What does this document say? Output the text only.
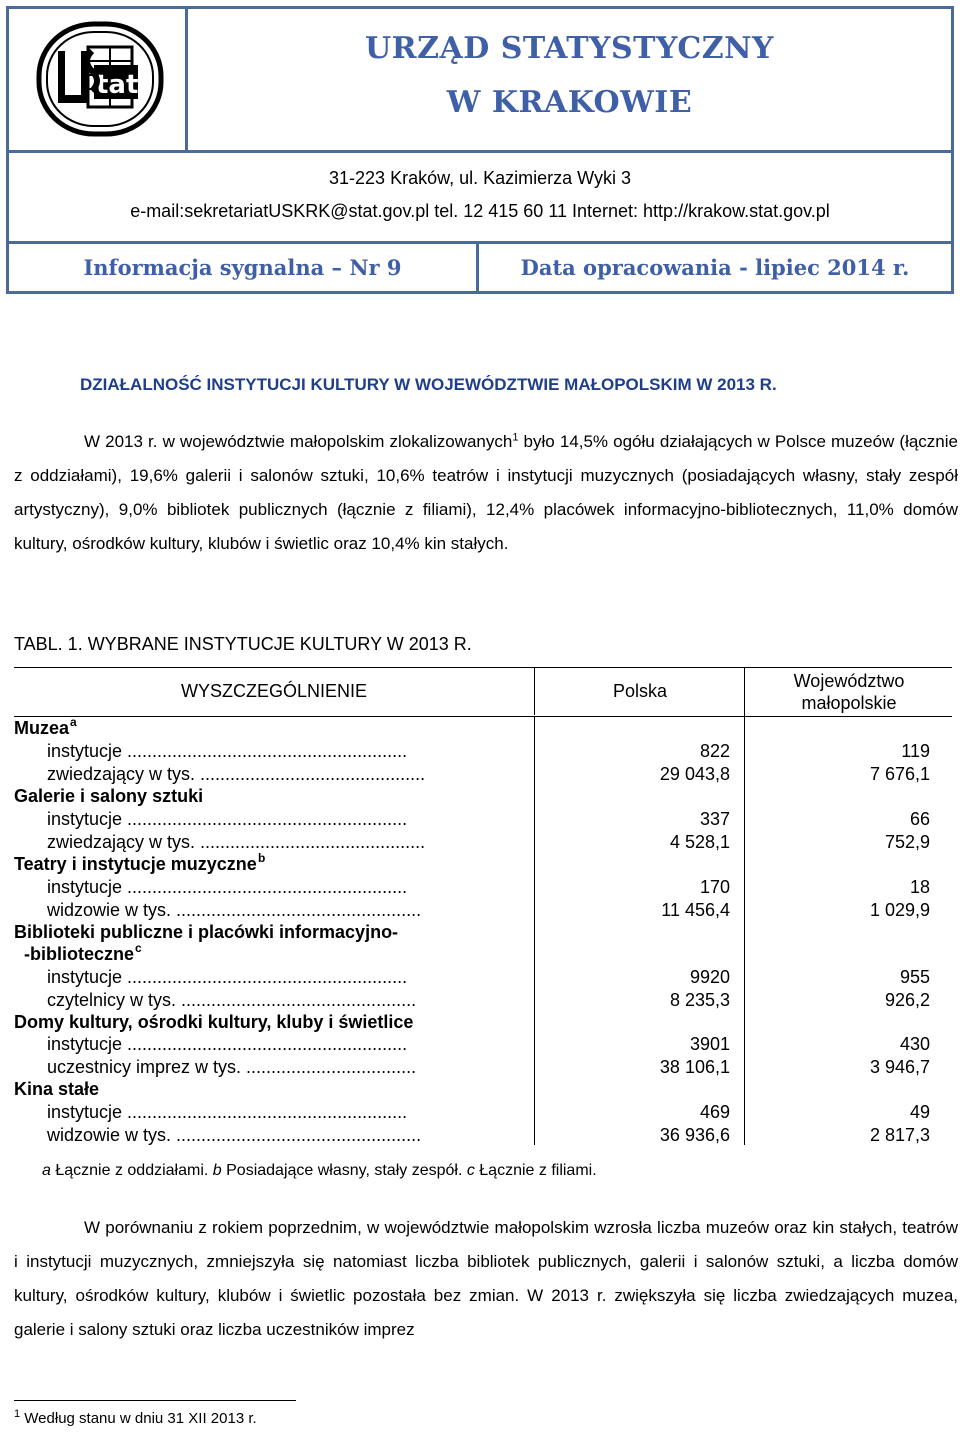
tat
URZĄD STATYSTYCZNY
W KRAKOWIE
31-223 Kraków, ul. Kazimierza Wyki 3
e-mail:sekretariatUSKRK@stat.gov.pl tel. 12 415 60 11 Internet: http://krakow.stat.gov.pl
Informacja sygnalna – Nr 9	Data opracowania - lipiec 2014 r.
DZIAŁALNOŚĆ INSTYTUCJI KULTURY W WOJEWÓDZTWIE MAŁOPOLSKIM W 2013 R.
W 2013 r. w województwie małopolskim zlokalizowanych$^1$ było 14,5% ogółu działających w Polsce muzeów (łącznie z oddziałami), 19,6% galerii i salonów sztuki, 10,6% teatrów i instytucji muzycznych (posiadających własny, stały zespół artystyczny), 9,0% bibliotek publicznych (łącznie z filiami), 12,4% placówek informacyjno-bibliotecznych, 11,0% domów kultury, ośrodków kultury, klubów i świetlic oraz 10,4% kin stałych.
TABL. 1. WYBRANE INSTYTUCJE KULTURY W 2013 R.
WYSZCZEGÓLNIENIE	Polska	Województwo
małopolskie
Muzea a
instytucje ........................................................	822	119
zwiedzający w tys. .............................................	29 043,8	7 676,1
Galerie i salony sztuki
instytucje ........................................................	337	66
zwiedzający w tys. .............................................	4 528,1	752,9
Teatry i instytucje muzyczne b
instytucje ........................................................	170	18
widzowie w tys. .................................................	11 456,4	1 029,9
Biblioteki publiczne i placówki informacyjno-
-biblioteczne c
instytucje ........................................................	9920	955
czytelnicy w tys. ...............................................	8 235,3	926,2
Domy kultury, ośrodki kultury, kluby i świetlice
instytucje ........................................................	3901	430
uczestnicy imprez w tys. ..................................	38 106,1	3 946,7
Kina stałe
instytucje ........................................................	469	49
widzowie w tys. .................................................	36 936,6	2 817,3
a Łącznie z oddziałami. b Posiadające własny, stały zespół. c Łącznie z filiami.
W porównaniu z rokiem poprzednim, w województwie małopolskim wzrosła liczba muzeów oraz kin stałych, teatrów i instytucji muzycznych, zmniejszyła się natomiast liczba bibliotek publicznych, galerii i salonów sztuki, a liczba domów kultury, ośrodków kultury, klubów i świetlic pozostała bez zmian. W 2013 r. zwiększyła się liczba zwiedzających muzea, galerie i salony sztuki oraz liczba uczestników imprez
$^1$ Według stanu w dniu 31 XII 2013 r.
